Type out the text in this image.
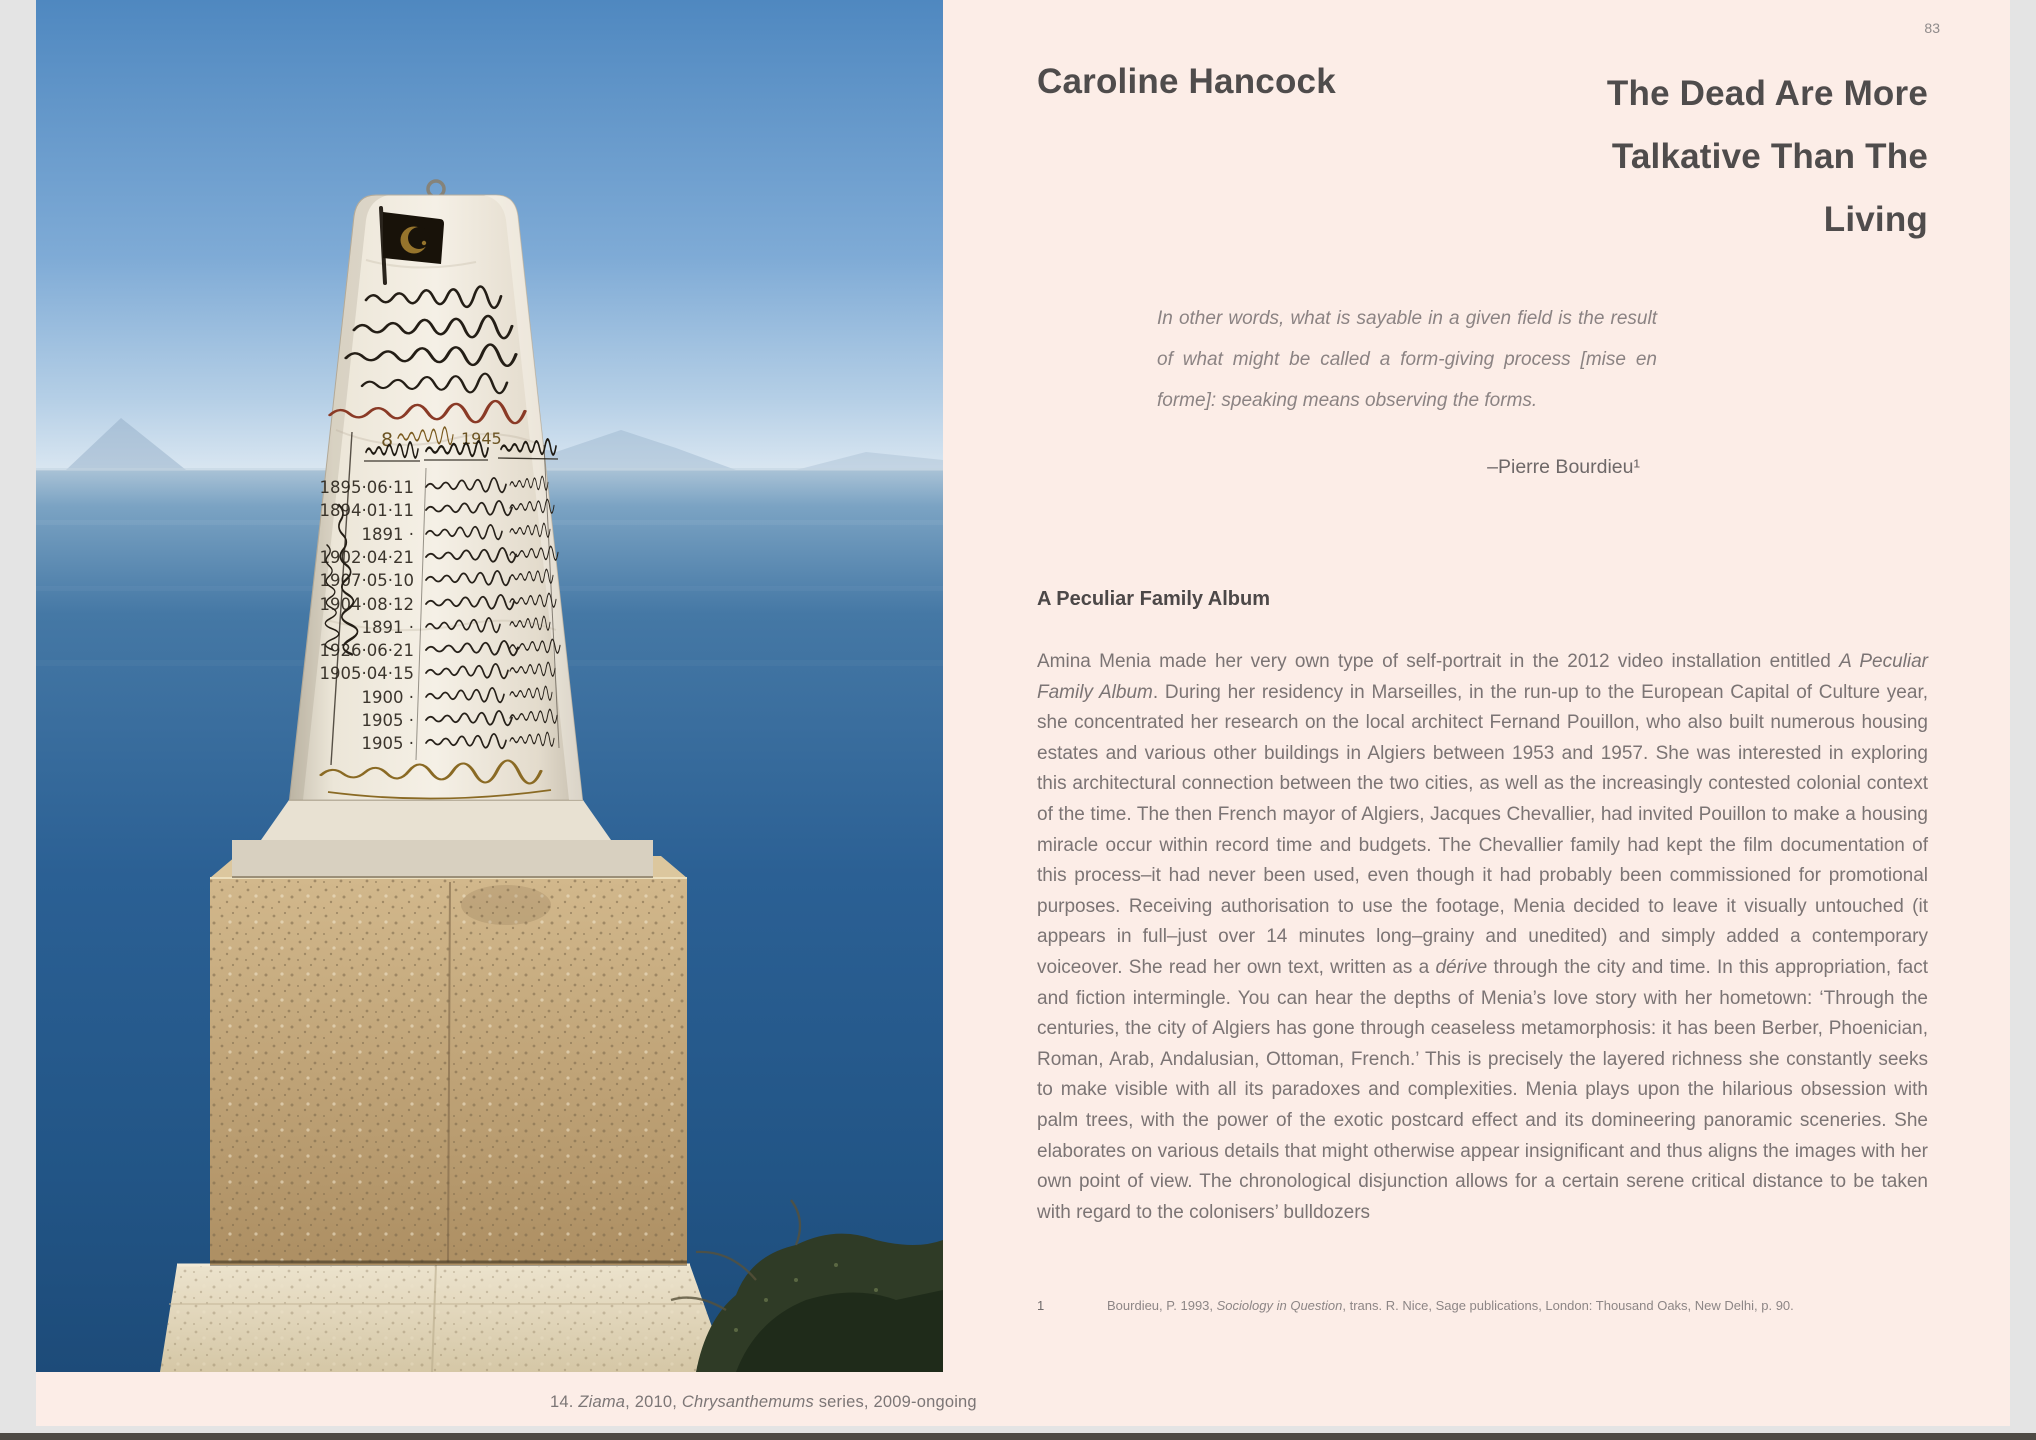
8	1945
1895·06·11
1894·01·11
1891 ·
1902·04·21
1907·05·10
1904·08·12
1891 ·
1926·06·21
1905·04·15
1900 ·
1905 ·
1905 ·
14. Ziama, 2010, Chrysanthemums series, 2009-ongoing
83
Caroline Hancock	The Dead Are More
Talkative Than The
Living
In other words, what is sayable in a given field is the result of what might be called a form-giving process [mise en forme]: speaking means observing the forms.
–Pierre Bourdieu¹
A Peculiar Family Album
Amina Menia made her very own type of self-portrait in the 2012 video installation entitled A Peculiar Family Album. During her residency in Marseilles, in the run-up to the European Capital of Culture year, she concentrated her research on the local architect Fernand Pouillon, who also built numerous housing estates and various other buildings in Algiers between 1953 and 1957. She was interested in exploring this architectural connection between the two cities, as well as the increasingly contested colonial context of the time. The then French mayor of Algiers, Jacques Chevallier, had invited Pouillon to make a housing miracle occur within record time and budgets. The Chevallier family had kept the film documentation of this process–it had never been used, even though it had probably been commissioned for promotional purposes. Receiving authorisation to use the footage, Menia decided to leave it visually untouched (it appears in full–just over 14 minutes long–grainy and unedited) and simply added a contemporary voiceover. She read her own text, written as a dérive through the city and time. In this appropriation, fact and fiction intermingle. You can hear the depths of Menia’s love story with her hometown: ‘Through the centuries, the city of Algiers has gone through ceaseless metamorphosis: it has been Berber, Phoenician, Roman, Arab, Andalusian, Ottoman, French.’ This is precisely the layered richness she constantly seeks to make visible with all its paradoxes and complexities. Menia plays upon the hilarious obsession with palm trees, with the power of the exotic postcard effect and its domineering panoramic sceneries. She elaborates on various details that might otherwise appear insignificant and thus aligns the images with her own point of view. The chronological disjunction allows for a certain serene critical distance to be taken with regard to the colonisers’ bulldozers
1	Bourdieu, P. 1993, Sociology in Question, trans. R. Nice, Sage publications, London: Thousand Oaks, New Delhi, p. 90.
